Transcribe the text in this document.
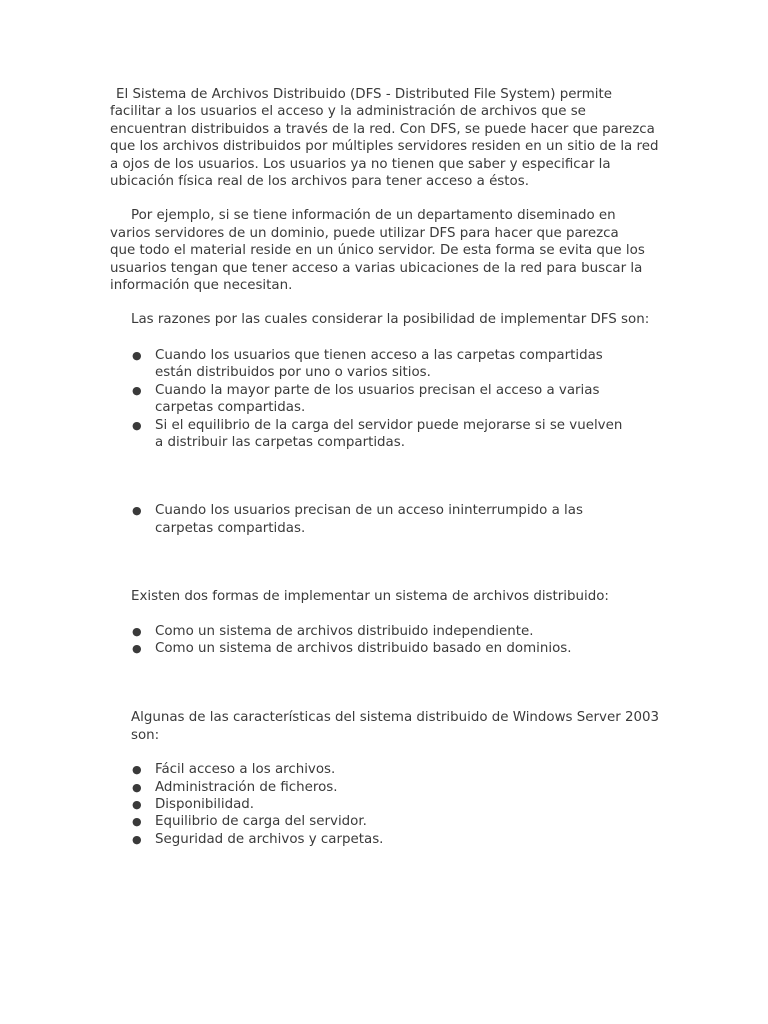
El Sistema de Archivos Distribuido (DFS - Distributed File System) permite facilitar a los usuarios el acceso y la administración de archivos que se encuentran distribuidos a través de la red. Con DFS, se puede hacer que parezca que los archivos distribuidos por múltiples servidores residen en un sitio de la red a ojos de los usuarios. Los usuarios ya no tienen que saber y especificar la ubicación física real de los archivos para tener acceso a éstos.

Por ejemplo, si se tiene información de un departamento diseminado en varios servidores de un dominio, puede utilizar DFS para hacer que parezca que todo el material reside en un único servidor. De esta forma se evita que los usuarios tengan que tener acceso a varias ubicaciones de la red para buscar la información que necesitan.

Las razones por las cuales considerar la posibilidad de implementar DFS son:

● Cuando los usuarios que tienen acceso a las carpetas compartidas están distribuidos por uno o varios sitios.
● Cuando la mayor parte de los usuarios precisan el acceso a varias carpetas compartidas.
● Si el equilibrio de la carga del servidor puede mejorarse si se vuelven a distribuir las carpetas compartidas.
● Cuando los usuarios precisan de un acceso ininterrumpido a las carpetas compartidas.

Existen dos formas de implementar un sistema de archivos distribuido:

● Como un sistema de archivos distribuido independiente.
● Como un sistema de archivos distribuido basado en dominios.

Algunas de las características del sistema distribuido de Windows Server 2003 son:

● Fácil acceso a los archivos.
● Administración de ficheros.
● Disponibilidad.
● Equilibrio de carga del servidor.
● Seguridad de archivos y carpetas.
